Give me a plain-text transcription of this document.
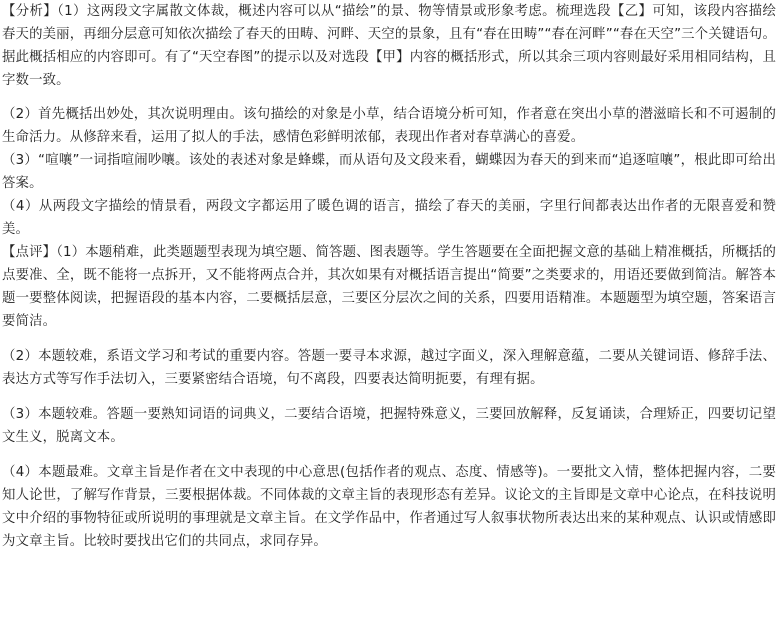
【分析】（1）这两段文字属散文体裁，概述内容可以从“描绘”的景、物等情景或形象考虑。梳理选段【乙】可知，该段内容描绘春天的美丽，再细分层意可知依次描绘了春天的田畴、河畔、天空的景象，且有“春在田畴”“春在河畔”“春在天空”三个关键语句。据此概括相应的内容即可。有了“天空春图”的提示以及对选段【甲】内容的概括形式，所以其余三项内容则最好采用相同结构，且字数一致。

（2）首先概括出妙处，其次说明理由。该句描绘的对象是小草，结合语境分析可知，作者意在突出小草的潜滋暗长和不可遏制的生命活力。从修辞来看，运用了拟人的手法，感情色彩鲜明浓郁，表现出作者对春草满心的喜爱。

（3）“喧嚷”一词指喧闹吵嚷。该处的表述对象是蜂蝶，而从语句及文段来看，蝴蝶因为春天的到来而“追逐喧嚷”，根此即可给出答案。

（4）从两段文字描绘的情景看，两段文字都运用了暖色调的语言，描绘了春天的美丽，字里行间都表达出作者的无限喜爱和赞美。

【点评】（1）本题稍难，此类题题型表现为填空题、简答题、图表题等。学生答题要在全面把握文意的基础上精准概括，所概括的点要准、全，既不能将一点拆开，又不能将两点合并，其次如果有对概括语言提出“简要”之类要求的，用语还要做到简洁。解答本题一要整体阅读，把握语段的基本内容，二要概括层意，三要区分层次之间的关系，四要用语精准。本题题型为填空题，答案语言要简洁。

（2）本题较难，系语文学习和考试的重要内容。答题一要寻本求源，越过字面义，深入理解意蕴，二要从关键词语、修辞手法、表达方式等写作手法切入，三要紧密结合语境，句不离段，四要表达简明扼要，有理有据。

（3）本题较难。答题一要熟知词语的词典义，二要结合语境，把握特殊意义，三要回放解释，反复诵读，合理矫正，四要切记望文生义，脱离文本。

（4）本题最难。文章主旨是作者在文中表现的中心意思(包括作者的观点、态度、情感等)。一要批文入情，整体把握内容，二要知人论世，了解写作背景，三要根据体裁。不同体裁的文章主旨的表现形态有差异。议论文的主旨即是文章中心论点，在科技说明文中介绍的事物特征或所说明的事理就是文章主旨。在文学作品中，作者通过写人叙事状物所表达出来的某种观点、认识或情感即为文章主旨。比较时要找出它们的共同点，求同存异。
